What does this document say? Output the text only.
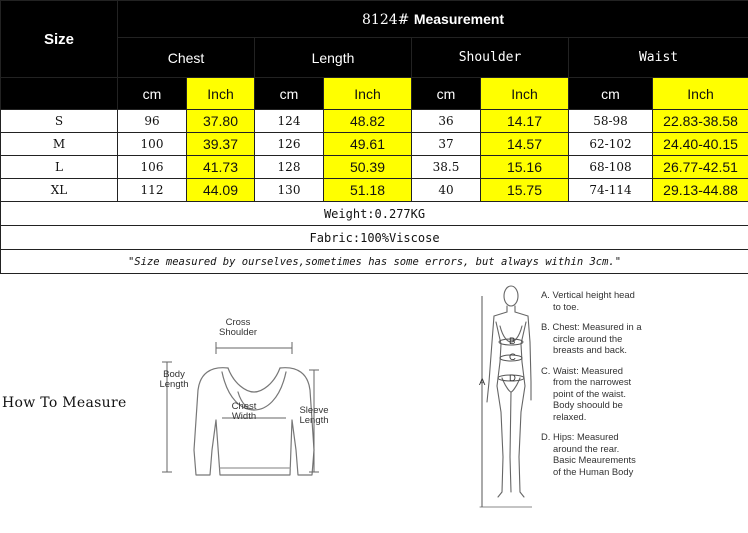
Size	8124# Measurement							
	Chest		Length		Shoulder		Waist	
	cm	Inch	cm	Inch	cm	Inch	cm	Inch
S	96	37.80	124	48.82	36	14.17	58-98	22.83-38.58
M	100	39.37	126	49.61	37	14.57	62-102	24.40-40.15
L	106	41.73	128	50.39	38.5	15.16	68-108	26.77-42.51
XL	112	44.09	130	51.18	40	15.75	74-114	29.13-44.88
Weight:0.277KG								
Fabric:100%Viscose								
"Size measured by ourselves,sometimes has some errors, but always within 3cm."								
How To Measure
Cross
Shoulder
Body
Length
Chest
Width
Sleeve
Length
B
C
D
A
A. Vertical height head
to toe.
B. Chest: Measured in a
circle around the
breasts and back.
C. Waist: Measured
from the narrowest
point of the waist.
Body shoould be
relaxed.
D. Hips: Measured
around the rear.
Basic Meaurements
of the Human Body
